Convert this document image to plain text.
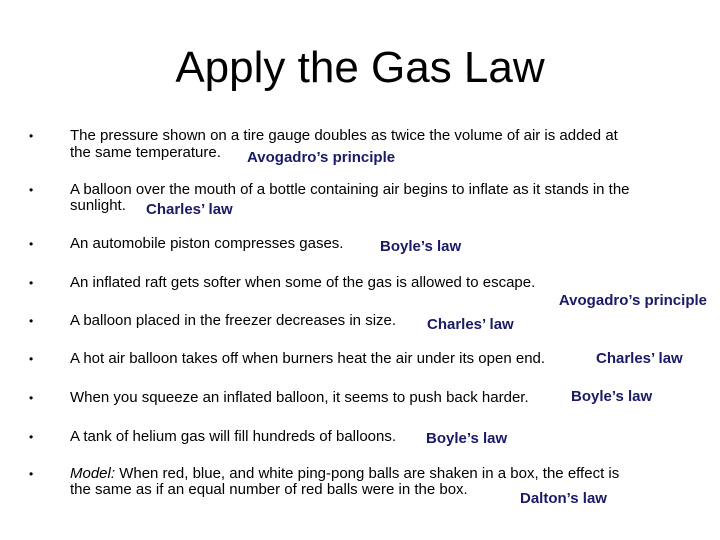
Apply the Gas Law
• The pressure shown on a tire gauge doubles as twice the volume of air is added at
the same temperature. Avogadro’s principle
• A balloon over the mouth of a bottle containing air begins to inflate as it stands in the
sunlight. Charles’ law
• An automobile piston compresses gases. Boyle’s law
• An inflated raft gets softer when some of the gas is allowed to escape.
Avogadro’s principle
• A balloon placed in the freezer decreases in size. Charles’ law
• A hot air balloon takes off when burners heat the air under its open end.	Charles’ law
• When you squeeze an inflated balloon, it seems to push back harder.	Boyle’s law
• A tank of helium gas will fill hundreds of balloons. Boyle’s law
• Model: When red, blue, and white ping-pong balls are shaken in a box, the effect is
the same as if an equal number of red balls were in the box.
Dalton’s law
